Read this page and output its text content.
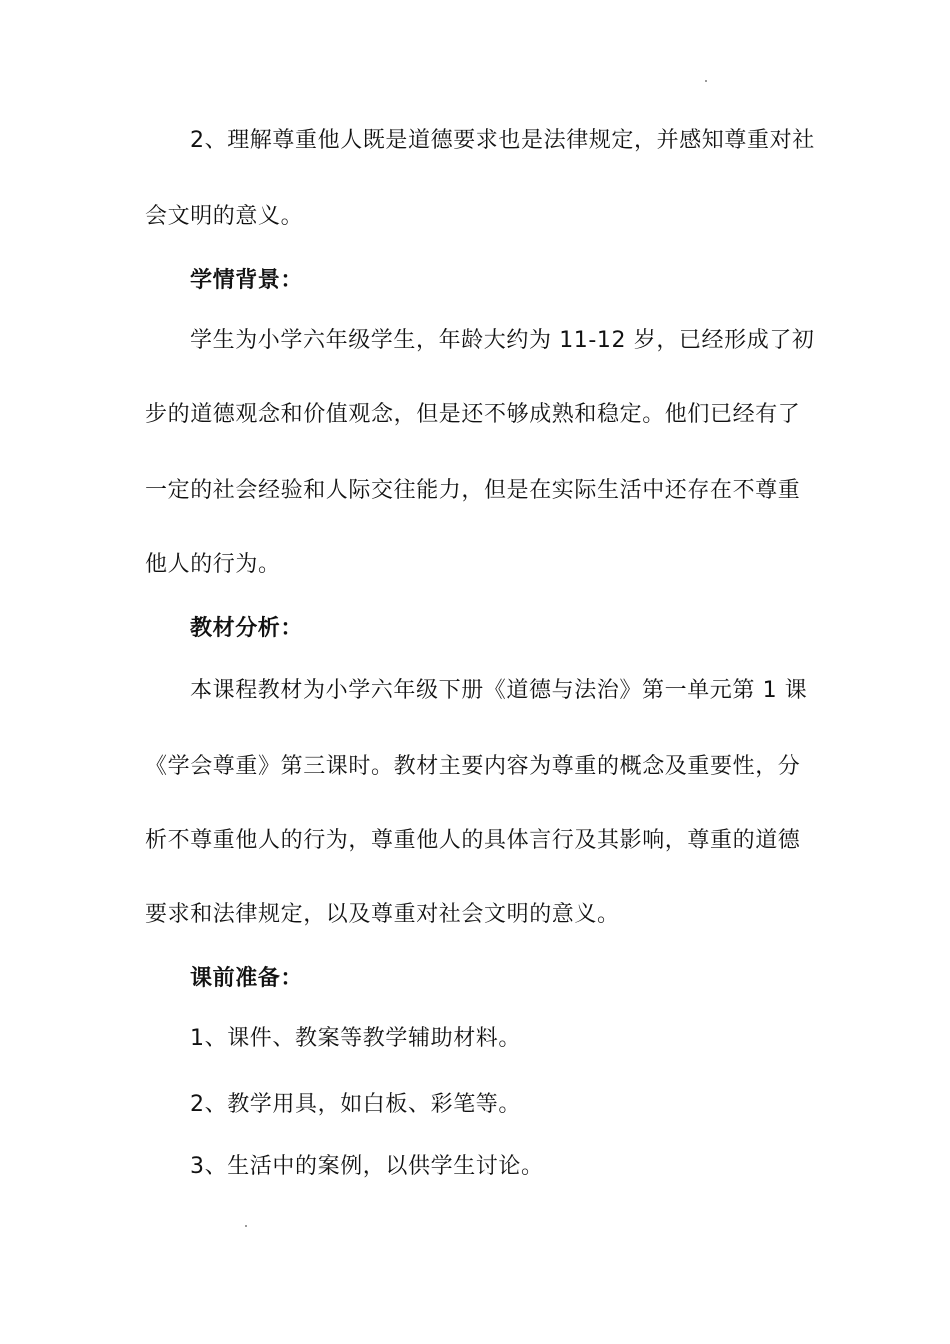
2、理解尊重他人既是道德要求也是法律规定，并感知尊重对社
会文明的意义。
学情背景：
学生为小学六年级学生，年龄大约为 11-12 岁，已经形成了初
步的道德观念和价值观念，但是还不够成熟和稳定。他们已经有了
一定的社会经验和人际交往能力，但是在实际生活中还存在不尊重
他人的行为。
教材分析：
本课程教材为小学六年级下册《道德与法治》第一单元第 1 课
《学会尊重》第三课时。教材主要内容为尊重的概念及重要性，分
析不尊重他人的行为，尊重他人的具体言行及其影响，尊重的道德
要求和法律规定，以及尊重对社会文明的意义。
课前准备：
1、课件、教案等教学辅助材料。
2、教学用具，如白板、彩笔等。
3、生活中的案例，以供学生讨论。
